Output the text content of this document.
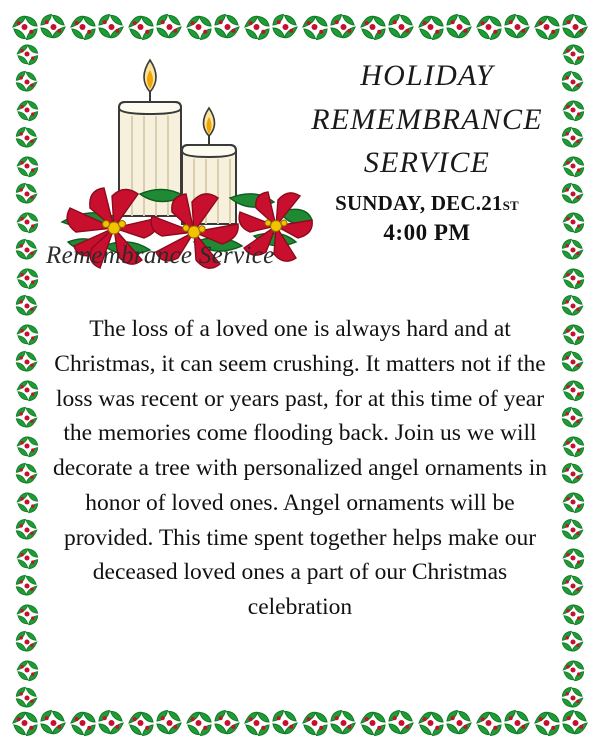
Remembrance Service
HOLIDAY
REMEMBRANCE
SERVICE
SUNDAY, DEC.21ST
4:00 PM
The loss of a loved one is always hard and at Christmas, it can seem crushing. It matters not if the loss was recent or years past, for at this time of year the memories come flooding back. Join us we will decorate a tree with personalized angel ornaments in honor of loved ones. Angel ornaments will be provided. This time spent together helps make our deceased loved ones a part of our Christmas celebration
